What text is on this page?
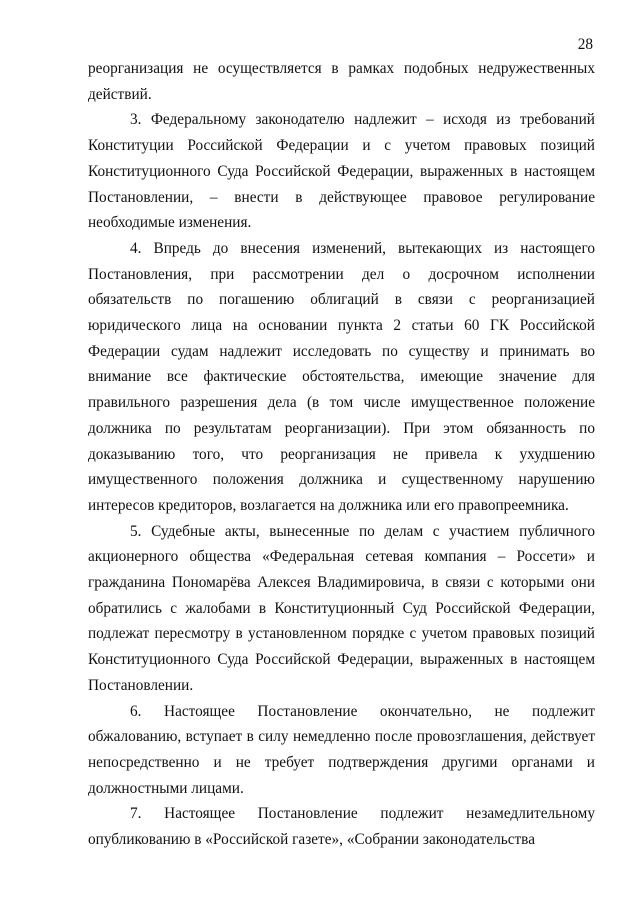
28

реорганизация не осуществляется в рамках подобных недружественных действий.

3. Федеральному законодателю надлежит – исходя из требований Конституции Российской Федерации и с учетом правовых позиций Конституционного Суда Российской Федерации, выраженных в настоящем Постановлении, – внести в действующее правовое регулирование необходимые изменения.

4. Впредь до внесения изменений, вытекающих из настоящего Постановления, при рассмотрении дел о досрочном исполнении обязательств по погашению облигаций в связи с реорганизацией юридического лица на основании пункта 2 статьи 60 ГК Российской Федерации судам надлежит исследовать по существу и принимать во внимание все фактические обстоятельства, имеющие значение для правильного разрешения дела (в том числе имущественное положение должника по результатам реорганизации). При этом обязанность по доказыванию того, что реорганизация не привела к ухудшению имущественного положения должника и существенному нарушению интересов кредиторов, возлагается на должника или его правопреемника.

5. Судебные акты, вынесенные по делам с участием публичного акционерного общества «Федеральная сетевая компания – Россети» и гражданина Пономарёва Алексея Владимировича, в связи с которыми они обратились с жалобами в Конституционный Суд Российской Федерации, подлежат пересмотру в установленном порядке с учетом правовых позиций Конституционного Суда Российской Федерации, выраженных в настоящем Постановлении.

6. Настоящее Постановление окончательно, не подлежит обжалованию, вступает в силу немедленно после провозглашения, действует непосредственно и не требует подтверждения другими органами и должностными лицами.

7. Настоящее Постановление подлежит незамедлительному опубликованию в «Российской газете», «Собрании законодательства
